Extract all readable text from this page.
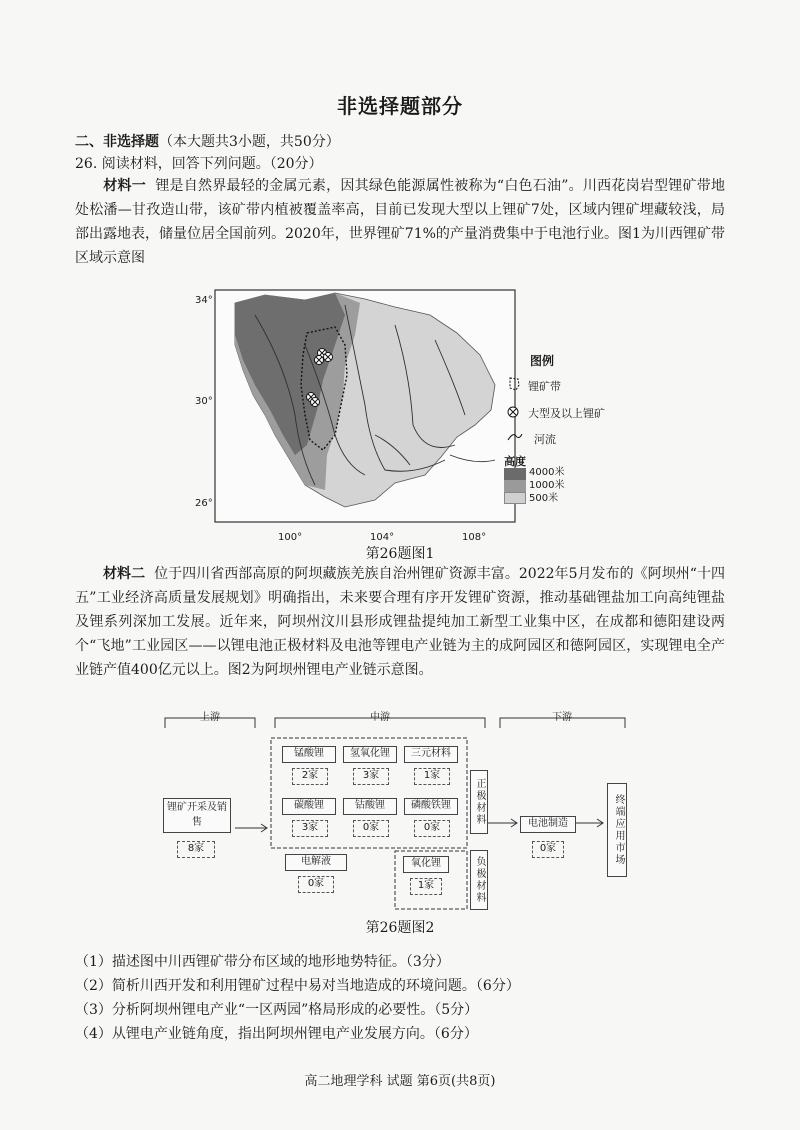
非选择题部分
二、非选择题（本大题共3小题，共50分）
26. 阅读材料，回答下列问题。（20分）
材料一 锂是自然界最轻的金属元素，因其绿色能源属性被称为“白色石油”。川西花岗岩型锂矿带地处松潘—甘孜造山带，该矿带内植被覆盖率高，目前已发现大型以上锂矿7处，区域内锂矿埋藏较浅，局部出露地表，储量位居全国前列。2020年，世界锂矿71%的产量消费集中于电池行业。图1为川西锂矿带区域示意图
34°
30°
26°
100°	104°	108°
图例
锂矿带
大型及以上锂矿
河流
高度
4000米
1000米
500米
第26题图1
材料二 位于四川省西部高原的阿坝藏族羌族自治州锂矿资源丰富。2022年5月发布的《阿坝州“十四五”工业经济高质量发展规划》明确指出，未来要合理有序开发锂矿资源，推动基础锂盐加工向高纯锂盐及锂系列深加工发展。近年来，阿坝州汶川县形成锂盐提纯加工新型工业集中区，在成都和德阳建设两个“飞地”工业园区——以锂电池正极材料及电池等锂电产业链为主的成阿园区和德阿园区，实现锂电全产业链产值400亿元以上。图2为阿坝州锂电产业链示意图。
上游	中游	下游
锂矿开采及销售
8家
锰酸锂
2家
氢氧化锂
3家
三元材料
1家
碳酸锂
3家
钴酸锂
0家
磷酸铁锂
0家
正极材料
电解液
0家
氧化锂
1家	负极材料
电池制造
0家	终端应用市场
第26题图2
（1）描述图中川西锂矿带分布区域的地形地势特征。（3分）
（2）简析川西开发和利用锂矿过程中易对当地造成的环境问题。（6分）
（3）分析阿坝州锂电产业“一区两园”格局形成的必要性。（5分）
（4）从锂电产业链角度，指出阿坝州锂电产业发展方向。（6分）
高二地理学科 试题 第6页(共8页)
